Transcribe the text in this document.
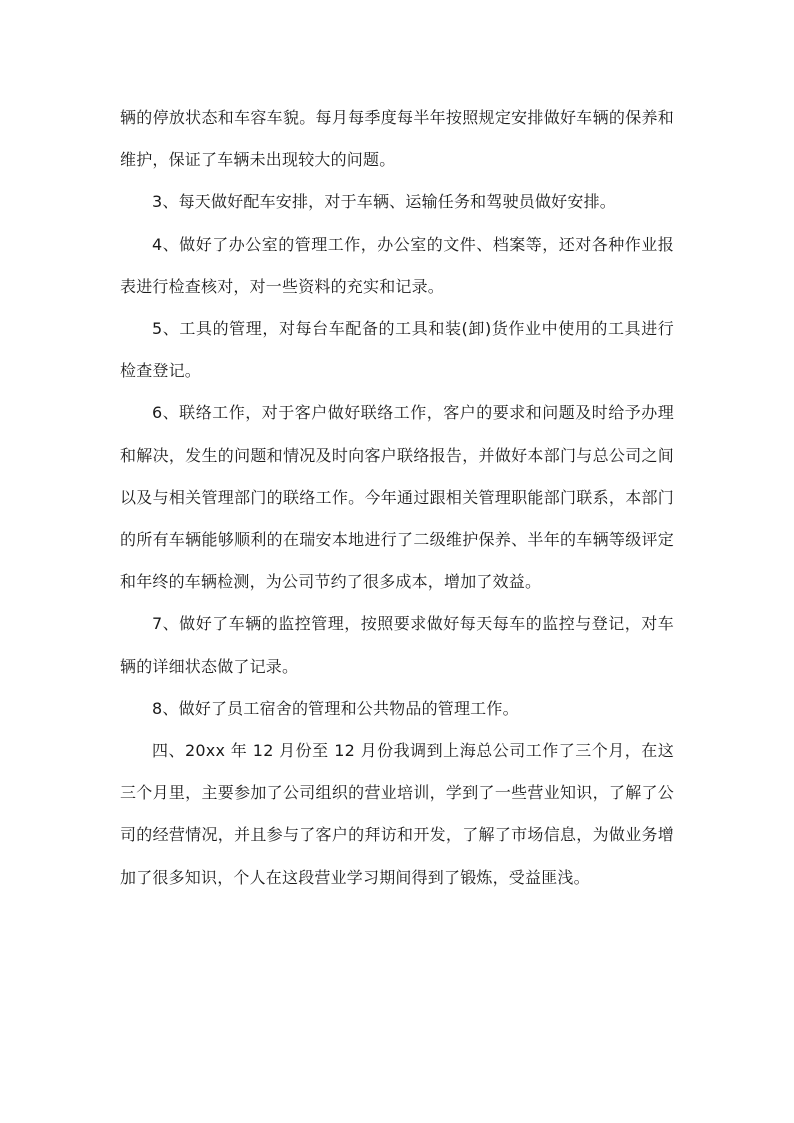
辆的停放状态和车容车貌。每月每季度每半年按照规定安排做好车辆的保养和维护，保证了车辆未出现较大的问题。

3、每天做好配车安排，对于车辆、运输任务和驾驶员做好安排。

4、做好了办公室的管理工作，办公室的文件、档案等，还对各种作业报表进行检查核对，对一些资料的充实和记录。

5、工具的管理，对每台车配备的工具和装(卸)货作业中使用的工具进行检查登记。

6、联络工作，对于客户做好联络工作，客户的要求和问题及时给予办理和解决，发生的问题和情况及时向客户联络报告，并做好本部门与总公司之间以及与相关管理部门的联络工作。今年通过跟相关管理职能部门联系，本部门的所有车辆能够顺利的在瑞安本地进行了二级维护保养、半年的车辆等级评定和年终的车辆检测，为公司节约了很多成本，增加了效益。

7、做好了车辆的监控管理，按照要求做好每天每车的监控与登记，对车辆的详细状态做了记录。

8、做好了员工宿舍的管理和公共物品的管理工作。

四、20xx 年 12 月份至 12 月份我调到上海总公司工作了三个月，在这三个月里，主要参加了公司组织的营业培训，学到了一些营业知识，了解了公司的经营情况，并且参与了客户的拜访和开发，了解了市场信息，为做业务增加了很多知识，个人在这段营业学习期间得到了锻炼，受益匪浅。
